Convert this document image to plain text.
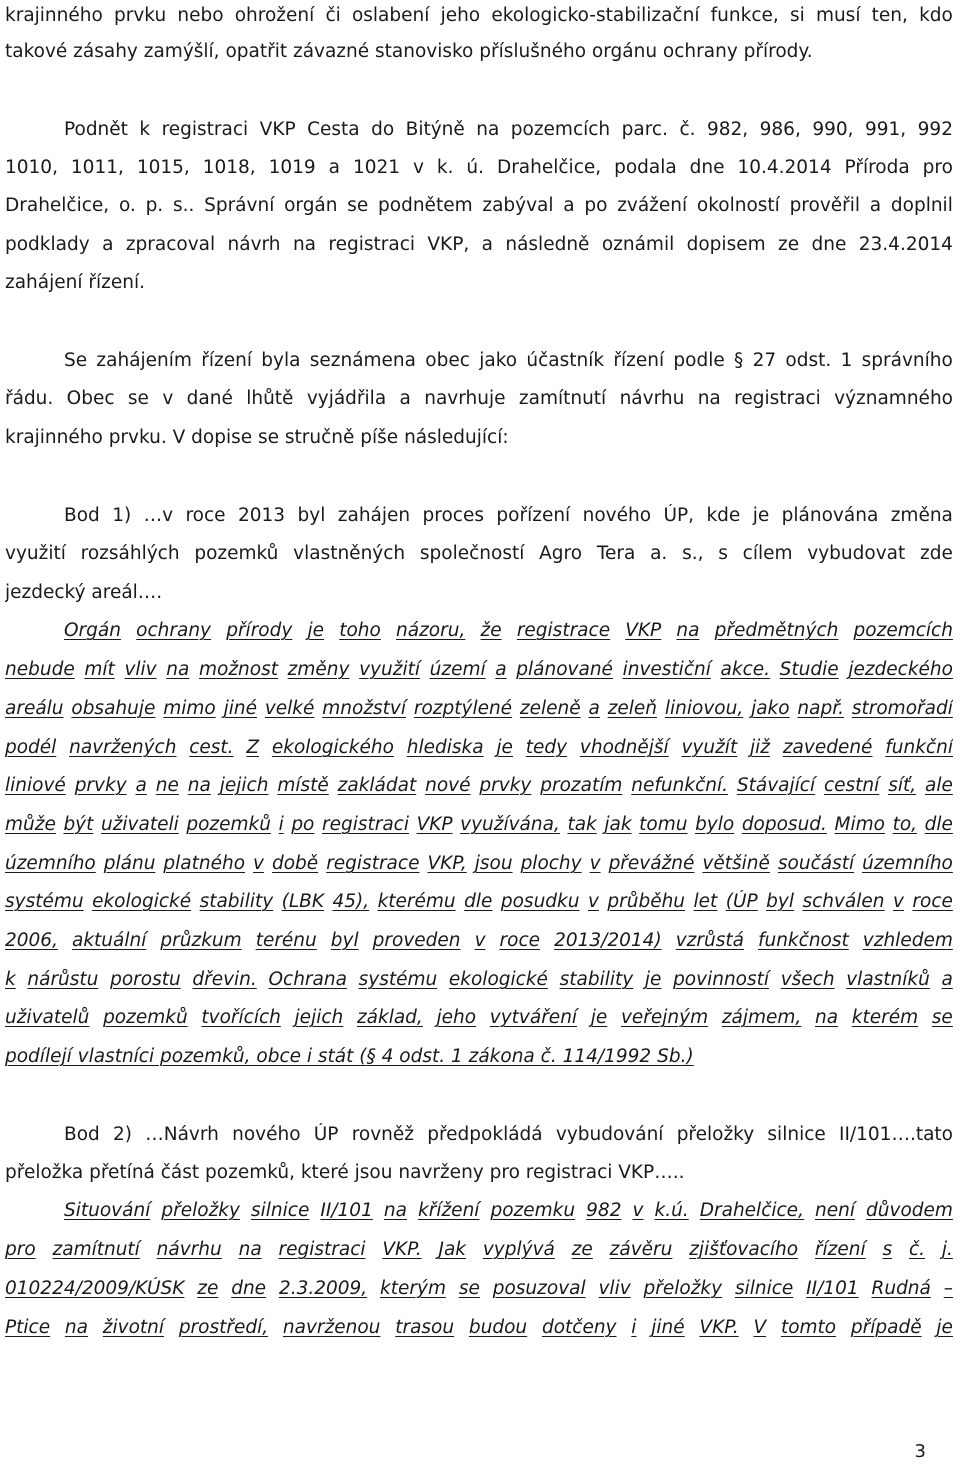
krajinného prvku nebo ohrožení či oslabení jeho ekologicko-stabilizační funkce, si musí ten, kdo
takové zásahy zamýšlí, opatřit závazné stanovisko příslušného orgánu ochrany přírody.
Podnět k registraci VKP Cesta do Bitýně na pozemcích parc. č. 982, 986, 990, 991, 992
1010, 1011, 1015, 1018, 1019 a 1021 v k. ú. Drahelčice, podala dne 10.4.2014 Příroda pro
Drahelčice, o. p. s.. Správní orgán se podnětem zabýval a po zvážení okolností prověřil a doplnil
podklady a zpracoval návrh na registraci VKP, a následně oznámil dopisem ze dne 23.4.2014
zahájení řízení.
Se zahájením řízení byla seznámena obec jako účastník řízení podle § 27 odst. 1 správního
řádu. Obec se v dané lhůtě vyjádřila a navrhuje zamítnutí návrhu na registraci významného
krajinného prvku. V dopise se stručně píše následující:
Bod 1) …v roce 2013 byl zahájen proces pořízení nového ÚP, kde je plánována změna
využití rozsáhlých pozemků vlastněných společností Agro Tera a. s., s cílem vybudovat zde
jezdecký areál….
Orgán ochrany přírody je toho názoru, že registrace VKP na předmětných pozemcích
nebude mít vliv na možnost změny využití území a plánované investiční akce. Studie jezdeckého
areálu obsahuje mimo jiné velké množství rozptýlené zeleně a zeleň liniovou, jako např. stromořadí
podél navržených cest. Z ekologického hlediska je tedy vhodnější využít již zavedené funkční
liniové prvky a ne na jejich místě zakládat nové prvky prozatím nefunkční. Stávající cestní síť, ale
může být uživateli pozemků i po registraci VKP využívána, tak jak tomu bylo doposud. Mimo to, dle
územního plánu platného v době registrace VKP, jsou plochy v převážné většině součástí územního
systému ekologické stability (LBK 45), kterému dle posudku v průběhu let (ÚP byl schválen v roce
2006, aktuální průzkum terénu byl proveden v roce 2013/2014) vzrůstá funkčnost vzhledem
k nárůstu porostu dřevin. Ochrana systému ekologické stability je povinností všech vlastníků a
uživatelů pozemků tvořících jejich základ, jeho vytváření je veřejným zájmem, na kterém se
podílejí vlastníci pozemků, obce i stát (§ 4 odst. 1 zákona č. 114/1992 Sb.)
Bod 2) …Návrh nového ÚP rovněž předpokládá vybudování přeložky silnice II/101….tato
přeložka přetíná část pozemků, které jsou navrženy pro registraci VKP…..
Situování přeložky silnice II/101 na křížení pozemku 982 v k.ú. Drahelčice, není důvodem
pro zamítnutí návrhu na registraci VKP. Jak vyplývá ze závěru zjišťovacího řízení s č. j.
010224/2009/KÚSK ze dne 2.3.2009, kterým se posuzoval vliv přeložky silnice II/101 Rudná –
Ptice na životní prostředí, navrženou trasou budou dotčeny i jiné VKP. V tomto případě je
3
